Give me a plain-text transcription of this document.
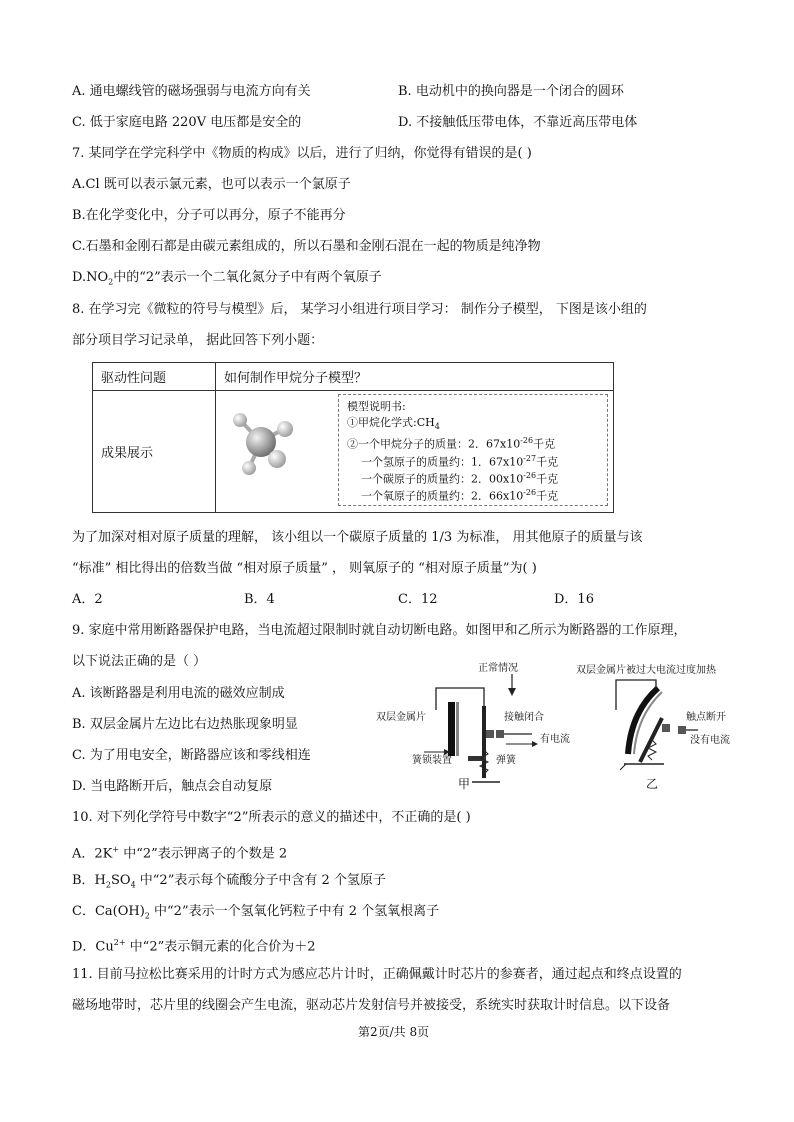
A. 通电螺线管的磁场强弱与电流方向有关	B. 电动机中的换向器是一个闭合的圆环
C. 低于家庭电路 220V 电压都是安全的	D. 不接触低压带电体，不靠近高压带电体
7. 某同学在学完科学中《物质的构成》以后，进行了归纳，你觉得有错误的是( )
A.Cl 既可以表示氯元素，也可以表示一个氯原子
B.在化学变化中，分子可以再分，原子不能再分
C.石墨和金刚石都是由碳元素组成的，所以石墨和金刚石混在一起的物质是纯净物
$D.NO_2$中的“2”表示一个二氧化氮分子中有两个氧原子
8. 在学习完《微粒的符号与模型》后， 某学习小组进行项目学习： 制作分子模型， 下图是该小组的
部分项目学习记录单， 据此回答下列小题：
驱动性问题	如何制作甲烷分子模型？
成果展示	
模型说明书:
①甲烷化学式$:CH_4$
②一个甲烷分子的质量：2．$67x10^{-26}$千克
一个氢原子的质量约：1．$67x10^{-27}$千克
一个碳原子的质量约：2．$00x10^{-26}$千克
一个氧原子的质量约：2．$66x10^{-26}$千克
为了加深对相对原子质量的理解， 该小组以一个碳原子质量的 1/3 为标准， 用其他原子的质量与该
“标准” 相比得出的倍数当做 “相对原子质量” ， 则氧原子的 “相对原子质量”为( )
A．2	B．4	C．12	D．16
9. 家庭中常用断路器保护电路，当电流超过限制时就自动切断电路。如图甲和乙所示为断路器的工作原理，
以下说法正确的是（ ）
A. 该断路器是利用电流的磁效应制成
B. 双层金属片左边比右边热胀现象明显
C. 为了用电安全，断路器应该和零线相连
D. 当电路断开后，触点会自动复原
正常情况
双层金属片	接触闭合
有电流
簧锁装置	弹簧
甲
双层金属片被过大电流过度加热
触点断开
没有电流
乙
10. 对下列化学符号中数字“2”所表示的意义的描述中，不正确的是( )
A．2K+ 中“2”表示钾离子的个数是 2
B．$H_2SO_4$ 中“2”表示每个硫酸分子中含有 2 个氢原子
C．$Ca(OH)_2$ 中“2”表示一个氢氧化钙粒子中有 2 个氢氧根离子
D．$Cu^{2+}$ 中“2”表示铜元素的化合价为＋2
11. 目前马拉松比赛采用的计时方式为感应芯片计时，正确佩戴计时芯片的参赛者，通过起点和终点设置的
磁场地带时，芯片里的线圈会产生电流，驱动芯片发射信号并被接受，系统实时获取计时信息。以下设备
第2页/共 8页
